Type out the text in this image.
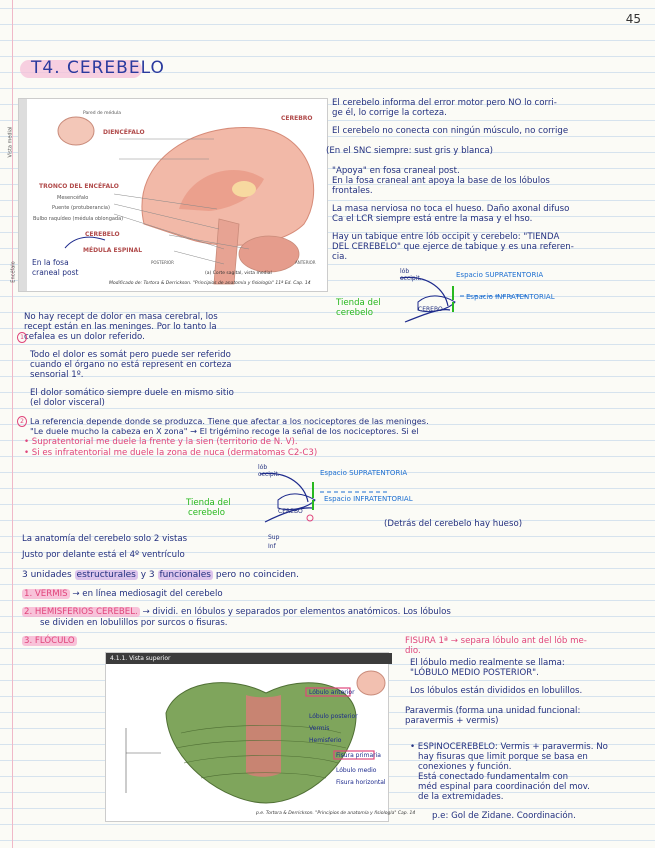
45
T4. CEREBELO
Vista medial
Encéfalo
Pared de médula
CEREBRO
DIENCÉFALO
TRONCO DEL ENCÉFALO
Mesencéfalo
Puente (protuberancia)
Bulbo raquídeo (médula oblongada)
CEREBELO
MÉDULA ESPINAL
POSTERIOR	ANTERIOR
(a) Corte sagital, vista medial
Modificado de: Tortora & Derrickson. "Principios de anatomía y fisiología" 11ª Ed. Cap. 14
En la fosa
craneal post
El cerebelo informa del error motor pero NO lo corri-
ge él, lo corrige la corteza.
El cerebelo no conecta con ningún músculo, no corrige
(En el SNC siempre: sust gris y blanca)
"Apoya" en fosa craneal post.
En la fosa craneal ant apoya la base de los lóbulos
frontales.
La masa nerviosa no toca el hueso. Daño axonal difuso
Ca el LCR siempre está entre la masa y el hso.
Hay un tabique entre lób occipit y cerebelo: "TIENDA
DEL CEREBELO" que ejerce de tabique y es una referen-
cia.
lób
occipit.	Espacio SUPRATENTORIA
Espacio INFRATENTORIAL
Tienda del
cerebelo	CEREBO
No hay recept de dolor en masa cerebral, los
recept están en las meninges. Por lo tanto la
cefalea es un dolor referido.
1
Todo el dolor es somát pero puede ser referido
cuando el órgano no está represent en corteza
sensorial 1º.
El dolor somático siempre duele en mismo sitio
(el dolor visceral)
2 La referencia depende donde se produzca. Tiene que afectar a los nociceptores de las meninges.
"Le duele mucho la cabeza en X zona" → El trigémino recoge la señal de los nociceptores. Si el
• Supratentorial me duele la frente y la sien (territorio de N. V).
• Si es infratentorial me duele la zona de nuca (dermatomas C2-C3)
lób
occipit.	Espacio SUPRATENTORIA
Espacio INFRATENTORIAL
Tienda del
cerebelo	CEREBO
(Detrás del cerebelo hay hueso)
La anatomía del cerebelo solo 2 vistas	Sup
Inf
Justo por delante está el 4º ventrículo
3 unidades estructurales y 3 funcionales pero no coinciden.
1. VERMIS → en línea mediosagit del cerebelo
2. HEMISFERIOS CEREBEL. → dividi. en lóbulos y separados por elementos anatómicos. Los lóbulos
se dividen en lobulillos por surcos o fisuras.
3. FLÓCULO
4.1.1. Vista superior
Lóbulo anterior
Lóbulo posterior
Vermis
Hemisferio
Fisura primaria
Lóbulo medio
Fisura horizontal
p.e. Tortora & Derrickson. "Principios de anatomía y fisiología" Cap. 14
FISURA 1ª → separa lóbulo ant del lób me-
dio.
El lóbulo medio realmente se llama:
"LÓBULO MEDIO POSTERIOR".
Los lóbulos están divididos en lobulillos.
Paravermis (forma una unidad funcional:
paravermis + vermis)
• ESPINOCEREBELO: Vermis + paravermis. No
hay fisuras que limit porque se basa en
conexiones y función.
Está conectado fundamentalm con
méd espinal para coordinación del mov.
de la extremidades.
p.e: Gol de Zidane. Coordinación.
